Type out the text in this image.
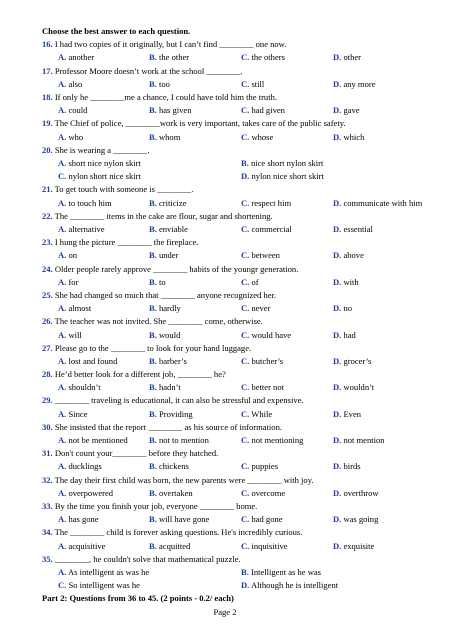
Choose the best answer to each question.
16. I had two copies of it originally, but I can’t find ________ one now.
A. another	B. the other	C. the others	D. other
17. Professor Moore doesn’t work at the school ________.
A. also	B. too	C. still	D. any more
18. If only he ________me a chance, I could have told him the truth.
A. could	B. has given	C. had given	D. gave
19. The Chief of police, ________work is very important, takes care of the public safety.
A. who	B. whom	C. whose	D. which
20. She is wearing a ________.
A. short nice nylon skirt	B. nice short nylon skirt
C. nylon short nice skirt	D. nylon nice short skirt
21. To get touch with someone is ________.
A. to touch him	B. criticize	C. respect him	D. communicate with him
22. The ________ items in the cake are flour, sugar and shortening.
A. alternative	B. enviable	C. commercial	D. essential
23. I hung the picture ________ the fireplace.
A. on	B. under	C. between	D. above
24. Older people rarely approve ________ habits of the youngr generation.
A. for	B. to	C. of	D. with
25. She had changed so much that ________ anyone recognized her.
A. almost	B. hardly	C. never	D. no
26. The teacher was not invited. She ________ come, otherwise.
A. will	B. would	C. would have	D. had
27. Please go to the ________ to look for your hand luggage.
A. lost and found	B. barber’s	C. butcher’s	D. grocer’s
28. He’d better look for a different job, ________ he?
A. shouldn’t	B. hadn’t	C. better not	D. wouldn’t
29. ________ traveling is educational, it can also be stressful and expensive.
A. Since	B. Providing	C. While	D. Even
30. She insisted that the report ________ as his source of information.
A. not be mentioned B. not to mention	C. not mentioning	D. not mention
31. Don't count your________ before they hatched.
A. ducklings	B. chickens	C. puppies	D. birds
32. The day their first child was born, the new parents were ________ with joy.
A. overpowered	B. overtaken	C. overcome	D. overthrow
33. By the time you finish your job, everyone ________ home.
A. has gone	B. will have gone	C. had gone	D. was going
34. The ________ child is forever asking questions. He's incredibly curious.
A. acquisitive	B. acquitted	C. inquisitive	D. exquisite
35. ________, he couldn't solve that mathematical puzzle.
A. As intelligent as was he	B. Intelligent as he was
C. So intelligent was he	D. Although he is intelligent
Part 2: Questions from 36 to 45. (2 points - 0.2/ each)
Page 2
